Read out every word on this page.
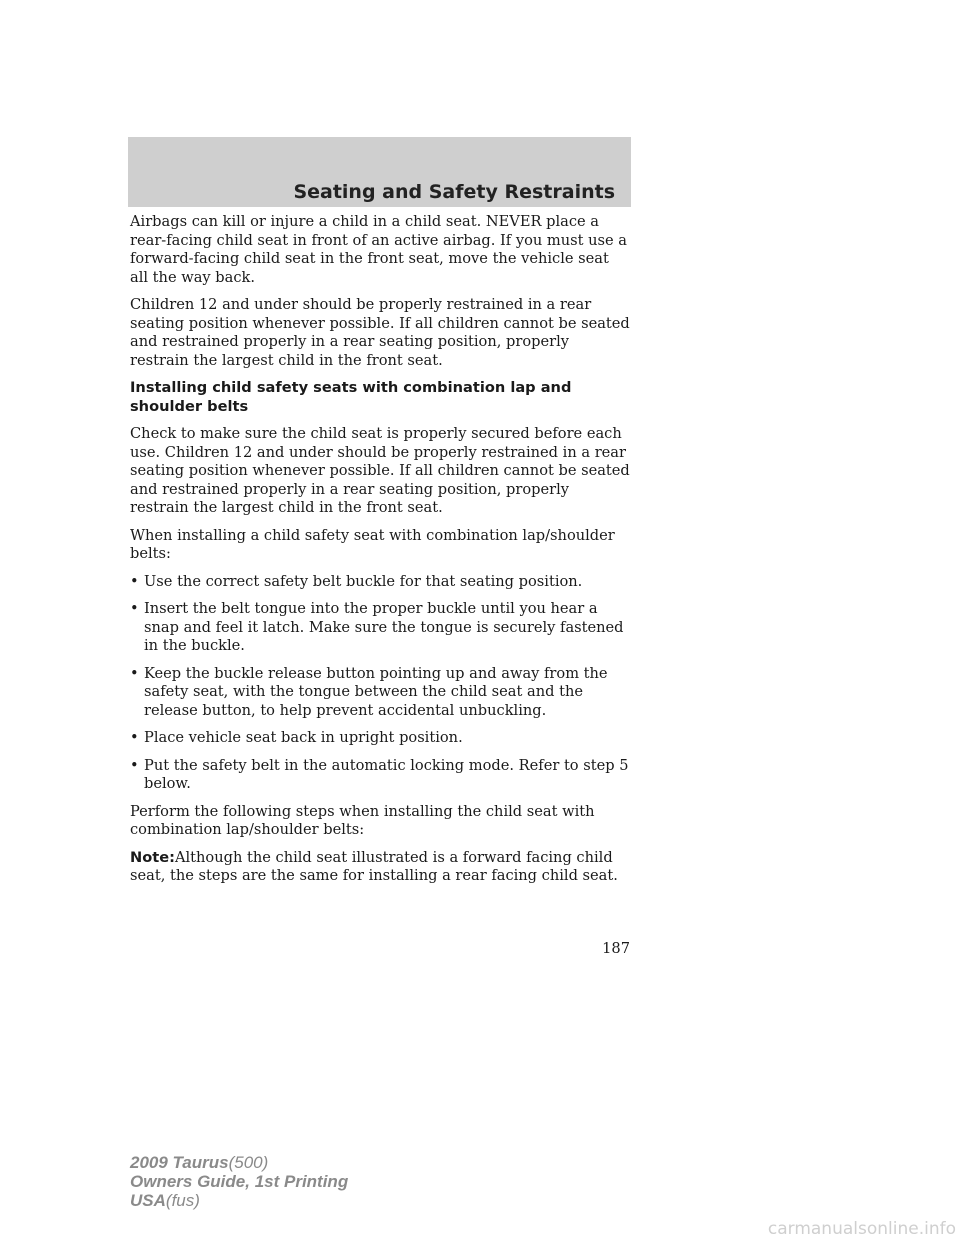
Seating and Safety Restraints

Airbags can kill or injure a child in a child seat. NEVER place a rear-facing child seat in front of an active airbag. If you must use a forward-facing child seat in the front seat, move the vehicle seat all the way back.

Children 12 and under should be properly restrained in a rear seating position whenever possible. If all children cannot be seated and restrained properly in a rear seating position, properly restrain the largest child in the front seat.

Installing child safety seats with combination lap and shoulder belts

Check to make sure the child seat is properly secured before each use. Children 12 and under should be properly restrained in a rear seating position whenever possible. If all children cannot be seated and restrained properly in a rear seating position, properly restrain the largest child in the front seat.

When installing a child safety seat with combination lap/shoulder belts:

• Use the correct safety belt buckle for that seating position.
• Insert the belt tongue into the proper buckle until you hear a snap and feel it latch. Make sure the tongue is securely fastened in the buckle.
• Keep the buckle release button pointing up and away from the safety seat, with the tongue between the child seat and the release button, to help prevent accidental unbuckling.
• Place vehicle seat back in upright position.
• Put the safety belt in the automatic locking mode. Refer to step 5 below.

Perform the following steps when installing the child seat with combination lap/shoulder belts:

Note:Although the child seat illustrated is a forward facing child seat, the steps are the same for installing a rear facing child seat.

187
2009 Taurus(500)
Owners Guide, 1st Printing
USA(fus)
carmanualsonline.info
